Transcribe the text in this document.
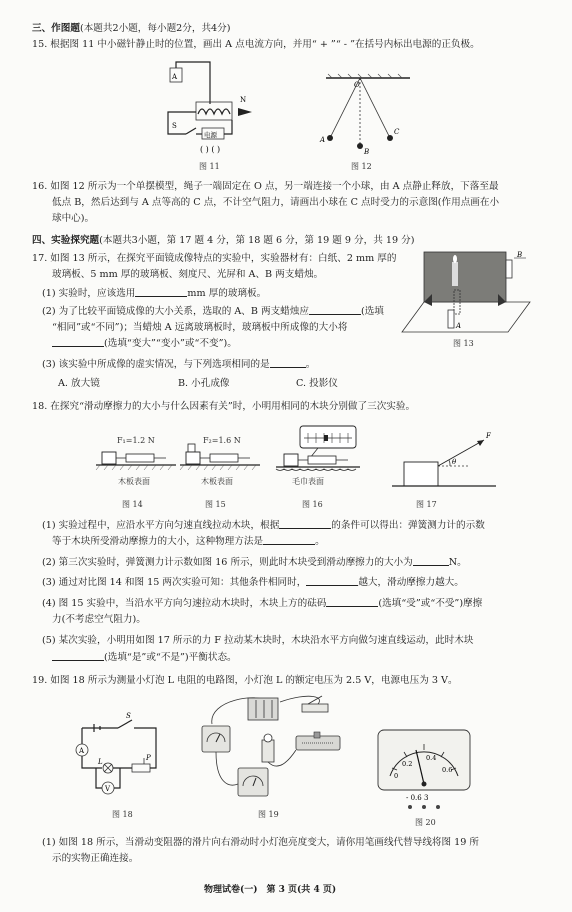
三、作图题(本题共2小题，每小题2分，共4分)
15. 根据图 11 中小磁针静止时的位置，画出 A 点电流方向，并用“ + ”“ - ”在括号内标出电源的正负极。
A
N
S
电源
( ) ( )
图 11
O
A
B
C
图 12
16. 如图 12 所示为一个单摆模型，绳子一端固定在 O 点，另一端连接一个小球，由 A 点静止释放，下落至最
低点 B，然后达到与 A 点等高的 C 点，不计空气阻力，请画出小球在 C 点时受力的示意图(作用点画在小
球中心)。
四、实验探究题(本题共3小题，第 17 题 4 分，第 18 题 6 分，第 19 题 9 分，共 19 分)
17. 如图 13 所示，在探究平面镜成像特点的实验中，实验器材有：白纸、2 mm 厚的
玻璃板、5 mm 厚的玻璃板、刻度尺、光屏和 A、B 两支蜡烛。
(1) 实验时，应该选用	mm 厚的玻璃板。
(2) 为了比较平面镜成像的大小关系，选取的 A、B 两支蜡烛应	(选填
“相同”或“不同”)；当蜡烛 A 远离玻璃板时，玻璃板中所成像的大小将
(选填“变大”“变小”或“不变”)。
(3) 该实验中所成像的虚实情况，与下列选项相同的是	。
A. 放大镜	B. 小孔成像	C. 投影仪
B
A
图 13
18. 在探究“滑动摩擦力的大小与什么因素有关”时，小明用相同的木块分别做了三次实验。
F₁=1.2 N
木板表面
图 14
F₂=1.6 N
木板表面
图 15
毛巾表面
图 16
θ
F
图 17
(1) 实验过程中，应沿水平方向匀速直线拉动木块，根据	的条件可以得出：弹簧测力计的示数
等于木块所受滑动摩擦力的大小，这种物理方法是	。
(2) 第三次实验时，弹簧测力计示数如图 16 所示，则此时木块受到滑动摩擦力的大小为	N。
(3) 通过对比图 14 和图 15 两次实验可知：其他条件相同时，	越大，滑动摩擦力越大。
(4) 图 15 实验中，当沿水平方向匀速拉动木块时，木块上方的砝码	(选填“受”或“不受”)摩擦
力(不考虑空气阻力)。
(5) 某次实验，小明用如图 17 所示的力 F 拉动某木块时，木块沿水平方向做匀速直线运动，此时木块
(选填“是”或“不是”)平衡状态。
19. 如图 18 所示为测量小灯泡 L 电阻的电路图，小灯泡 L 的额定电压为 2.5 V，电源电压为 3 V。
S
A
L	P
V
图 18	图 19
0
0.2
0.4
0.6
- 0.6 3
图 20
(1) 如图 18 所示，当滑动变阻器的滑片向右滑动时小灯泡亮度变大，请你用笔画线代替导线将图 19 所
示的实物正确连接。
物理试卷(一)　第 3 页(共 4 页)
